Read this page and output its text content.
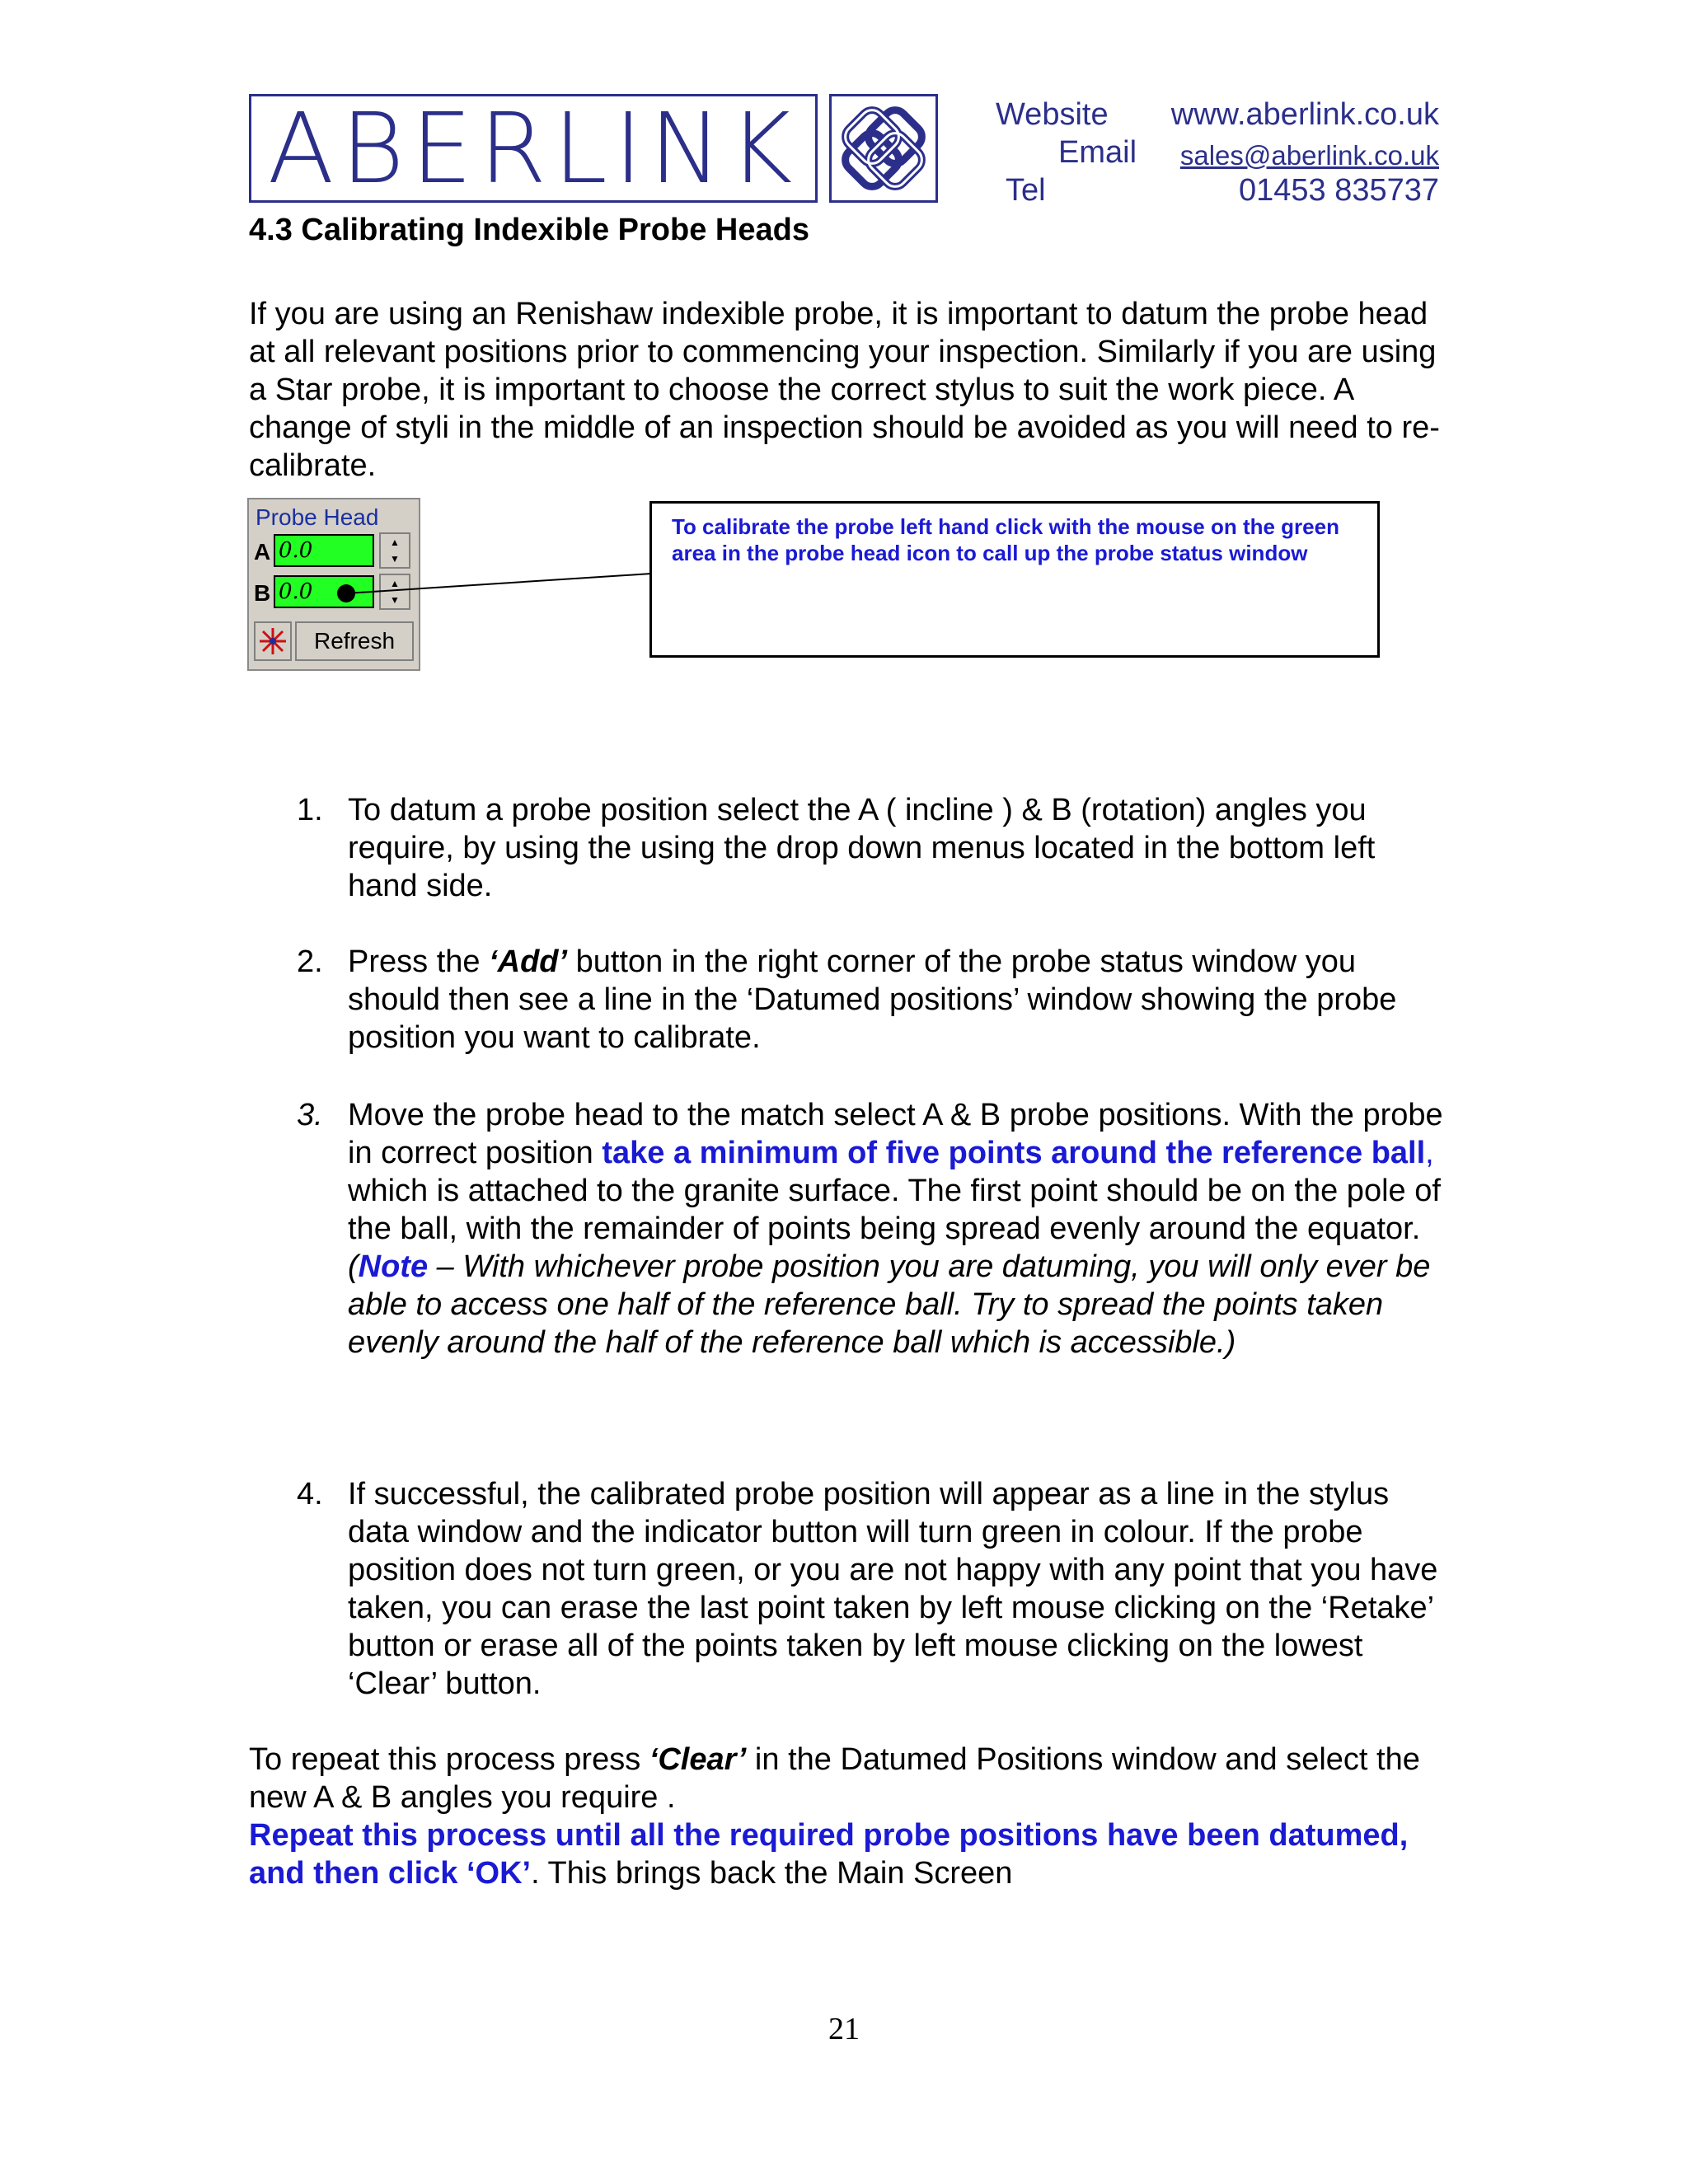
ABERLINK	Website www.aberlink.co.uk
Email sales@aberlink.co.uk
Tel	01453 835737
4.3 Calibrating Indexible Probe Heads
If you are using an Renishaw indexible probe, it is important to datum the probe head at all relevant positions prior to commencing your inspection. Similarly if you are using a Star probe, it is important to choose the correct stylus to suit the work piece. A change of styli in the middle of an inspection should be avoided as you will need to re-calibrate.
Probe Head
A 0.0	▲
▼
B 0.0	▲
▼
Refresh
To calibrate the probe left hand click with the mouse on the green area in the probe head icon to call up the probe status window
1. To datum a probe position select the A ( incline ) & B (rotation) angles you require, by using the using the drop down menus located in the bottom left hand side.
2. Press the ‘Add’ button in the right corner of the probe status window you should then see a line in the ‘Datumed positions’ window showing the probe position you want to calibrate.
3. Move the probe head to the match select A & B probe positions. With the probe in correct position take a minimum of five points around the reference ball, which is attached to the granite surface. The first point should be on the pole of the ball, with the remainder of points being spread evenly around the equator. (Note – With whichever probe position you are datuming, you will only ever be able to access one half of the reference ball. Try to spread the points taken evenly around the half of the reference ball which is accessible.)
4. If successful, the calibrated probe position will appear as a line in the stylus data window and the indicator button will turn green in colour. If the probe position does not turn green, or you are not happy with any point that you have taken, you can erase the last point taken by left mouse clicking on the ‘Retake’ button or erase all of the points taken by left mouse clicking on the lowest ‘Clear’ button.
To repeat this process press ‘Clear’ in the Datumed Positions window and select the new A & B angles you require .
Repeat this process until all the required probe positions have been datumed, and then click ‘OK’. This brings back the Main Screen
21
